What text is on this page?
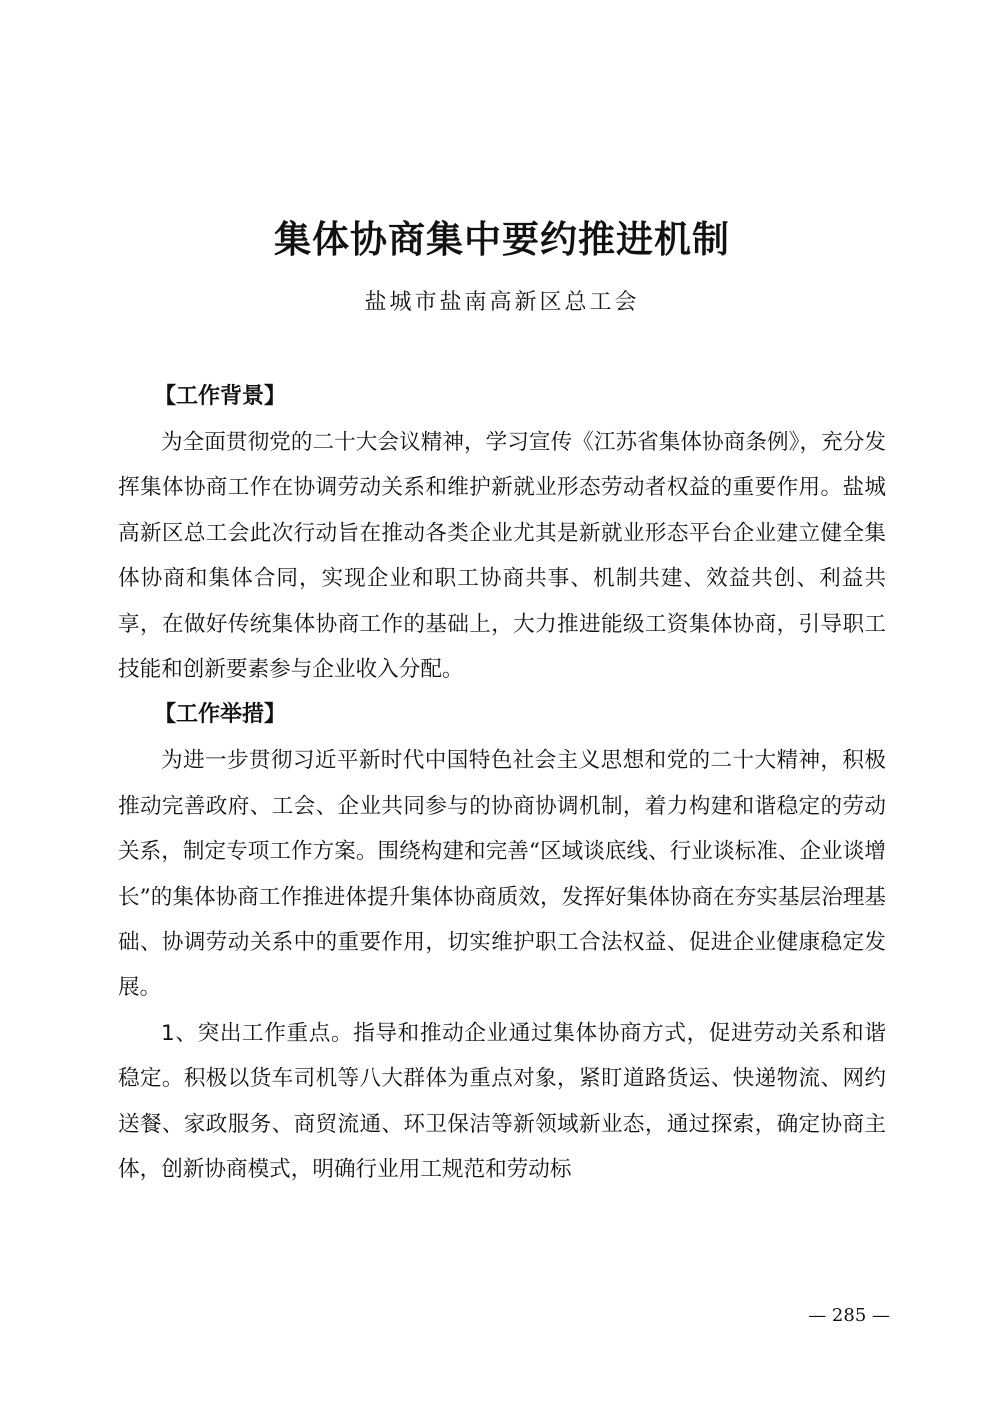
集体协商集中要约推进机制
盐城市盐南高新区总工会
【工作背景】

为全面贯彻党的二十大会议精神，学习宣传《江苏省集体协商条例》，充分发挥集体协商工作在协调劳动关系和维护新就业形态劳动者权益的重要作用。盐城高新区总工会此次行动旨在推动各类企业尤其是新就业形态平台企业建立健全集体协商和集体合同，实现企业和职工协商共事、机制共建、效益共创、利益共享，在做好传统集体协商工作的基础上，大力推进能级工资集体协商，引导职工技能和创新要素参与企业收入分配。

【工作举措】

为进一步贯彻习近平新时代中国特色社会主义思想和党的二十大精神，积极推动完善政府、工会、企业共同参与的协商协调机制，着力构建和谐稳定的劳动关系，制定专项工作方案。围绕构建和完善“区域谈底线、行业谈标准、企业谈增长”的集体协商工作推进体提升集体协商质效，发挥好集体协商在夯实基层治理基础、协调劳动关系中的重要作用，切实维护职工合法权益、促进企业健康稳定发展。

1、突出工作重点。指导和推动企业通过集体协商方式，促进劳动关系和谐稳定。积极以货车司机等八大群体为重点对象，紧盯道路货运、快递物流、网约送餐、家政服务、商贸流通、环卫保洁等新领域新业态，通过探索，确定协商主体，创新协商模式，明确行业用工规范和劳动标

— 285 —
